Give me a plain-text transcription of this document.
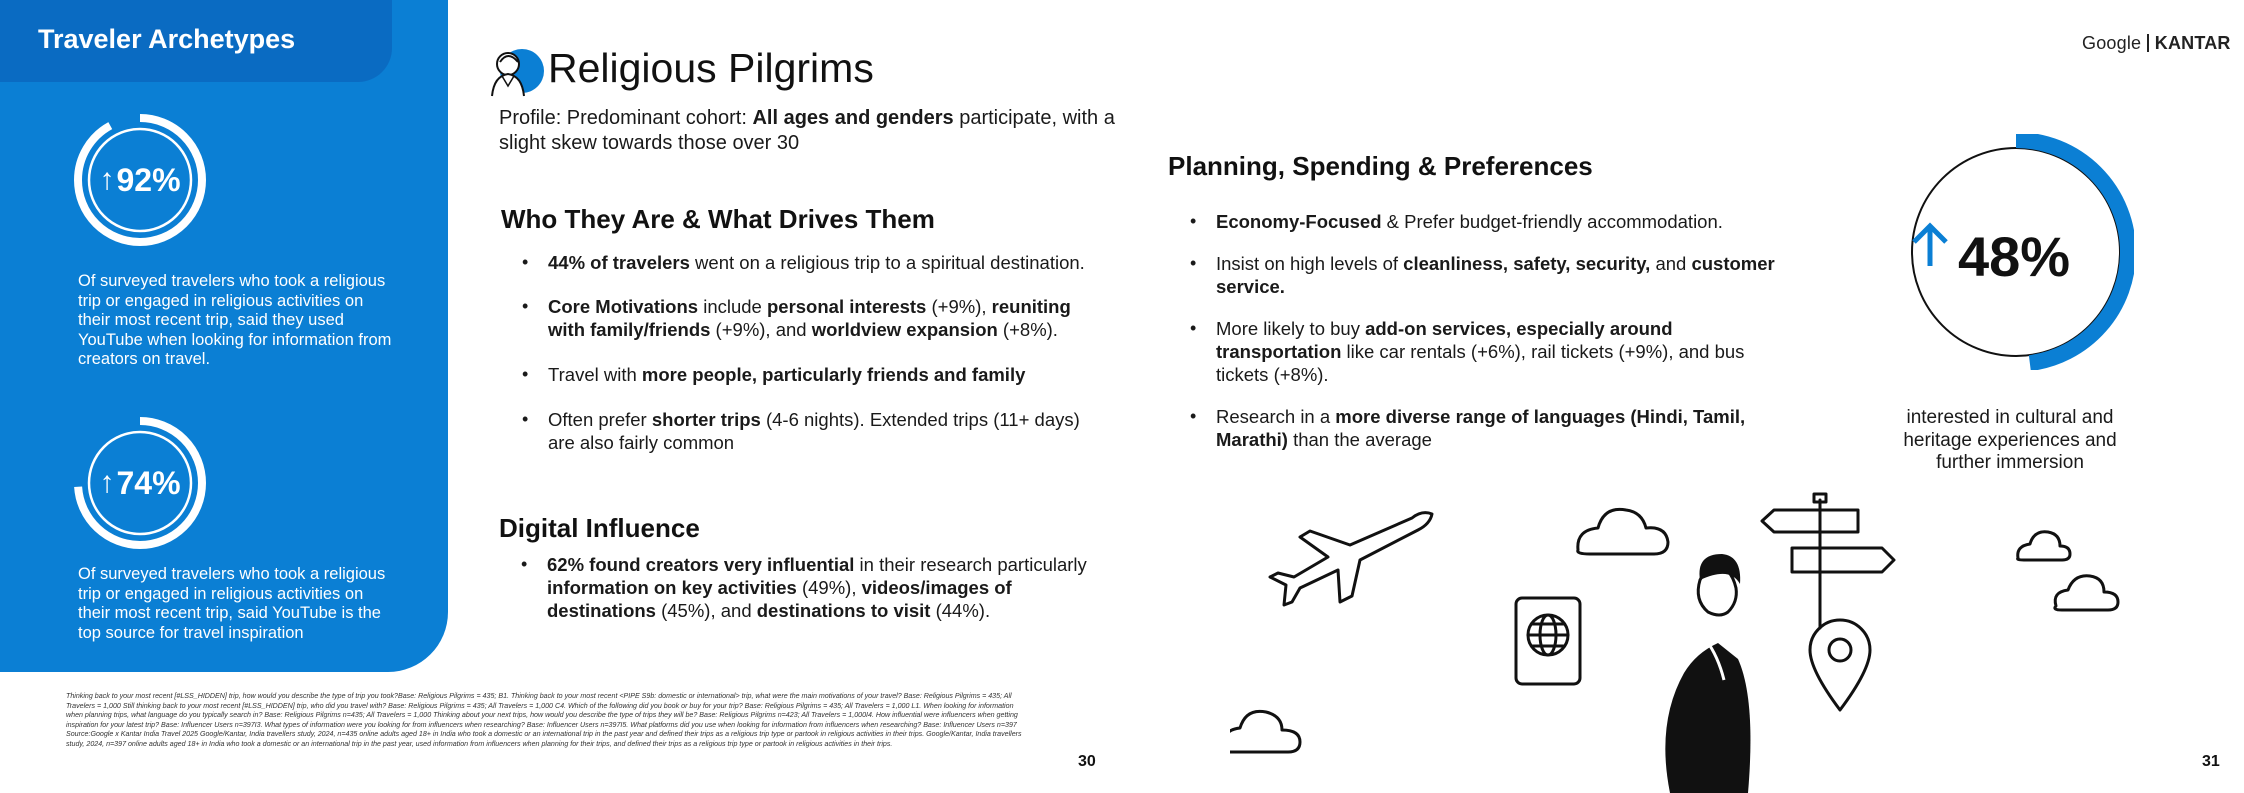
Traveler Archetypes
↑ 92%
Of surveyed travelers who took a religious trip or engaged in religious activities on their most recent trip, said they used YouTube when looking for information from creators on travel.
↑ 74%
Of surveyed travelers who took a religious trip or engaged in religious activities on their most recent trip, said YouTube is the top source for travel inspiration
Religious Pilgrims
Profile: Predominant cohort: All ages and genders participate, with a slight skew towards those over 30
Who They Are & What Drives Them
• 44% of travelers went on a religious trip to a spiritual destination.
• Core Motivations include personal interests (+9%), reuniting with family/friends (+9%), and worldview expansion (+8%).
• Travel with more people, particularly friends and family
• Often prefer shorter trips (4-6 nights). Extended trips (11+ days) are also fairly common
Digital Influence
• 62% found creators very influential in their research particularly information on key activities (49%), videos/images of destinations (45%), and destinations to visit (44%).
Thinking back to your most recent [#LSS_HIDDEN] trip, how would you describe the type of trip you took?Base: Religious Pilgrims = 435; B1. Thinking back to your most recent <PIPE S9b: domestic or international> trip, what were the main motivations of your travel? Base: Religious Pilgrims = 435; All Travelers = 1,000 Still thinking back to your most recent [#LSS_HIDDEN] trip, who did you travel with? Base: Religious Pilgrims = 435; All Travelers = 1,000 C4. Which of the following did you book or buy for your trip? Base: Religious Pilgrims = 435; All Travelers = 1,000 L1. When looking for information when planning trips, what language do you typically search in? Base: Religious Pilgrims n=435; All Travelers = 1,000 Thinking about your next trips, how would you describe the type of trips they will be? Base: Religious Pilgrims n=423; All Travelers = 1,000I4. How influential were influencers when getting inspiration for your latest trip? Base: Influencer Users n=397I3. What types of information were you looking for from influencers when researching? Base: Influencer Users n=397I5. What platforms did you use when looking for information from influencers when researching? Base: Influencer Users n=397 Source:Google x Kantar India Travel 2025 Google/Kantar, India travellers study, 2024, n=435 online adults aged 18+ in India who took a domestic or an international trip in the past year and defined their trips as a religious trip type or partook in religious activities in their trips. Google/Kantar, India travellers study, 2024, n=397 online adults aged 18+ in India who took a domestic or an international trip in the past year, used information from influencers when planning for their trips, and defined their trips as a religious trip type or partook in religious activities in their trips.
30
Google KANTAR
Planning, Spending & Preferences
• Economy-Focused & Prefer budget-friendly accommodation.
• Insist on high levels of cleanliness, safety, security, and customer service.
• More likely to buy add-on services, especially around transportation like car rentals (+6%), rail tickets (+9%), and bus tickets (+8%).
• Research in a more diverse range of languages (Hindi, Tamil, Marathi) than the average
48%
interested in cultural and heritage experiences and further immersion
31
